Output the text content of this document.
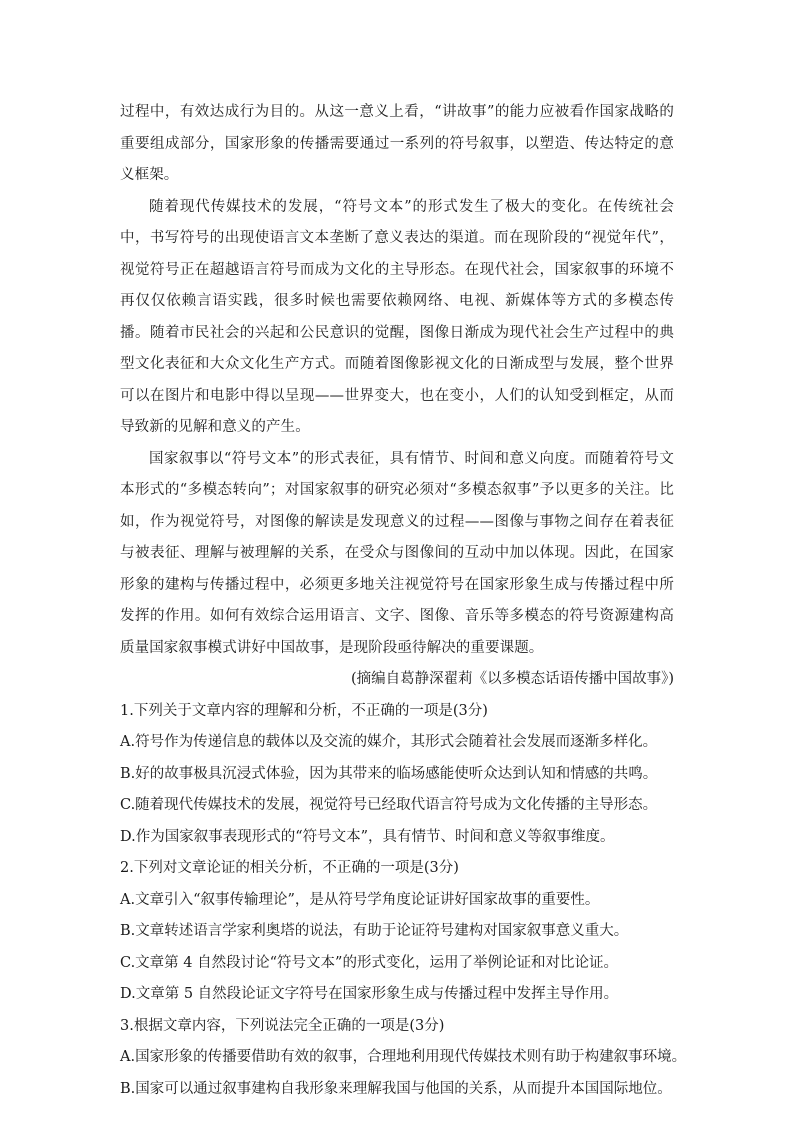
过程中，有效达成行为目的。从这一意义上看，“讲故事”的能力应被看作国家战略的重要组成部分，国家形象的传播需要通过一系列的符号叙事，以塑造、传达特定的意义框架。

随着现代传媒技术的发展，“符号文本”的形式发生了极大的变化。在传统社会中，书写符号的出现使语言文本垄断了意义表达的渠道。而在现阶段的“视觉年代”，视觉符号正在超越语言符号而成为文化的主导形态。在现代社会，国家叙事的环境不再仅仅依赖言语实践，很多时候也需要依赖网络、电视、新媒体等方式的多模态传播。随着市民社会的兴起和公民意识的觉醒，图像日渐成为现代社会生产过程中的典型文化表征和大众文化生产方式。而随着图像影视文化的日渐成型与发展，整个世界可以在图片和电影中得以呈现——世界变大，也在变小，人们的认知受到框定，从而导致新的见解和意义的产生。

国家叙事以“符号文本”的形式表征，具有情节、时间和意义向度。而随着符号文本形式的“多模态转向”；对国家叙事的研究必须对“多模态叙事”予以更多的关注。比如，作为视觉符号，对图像的解读是发现意义的过程——图像与事物之间存在着表征与被表征、理解与被理解的关系，在受众与图像间的互动中加以体现。因此，在国家形象的建构与传播过程中，必须更多地关注视觉符号在国家形象生成与传播过程中所发挥的作用。如何有效综合运用语言、文字、图像、音乐等多模态的符号资源建构高质量国家叙事模式讲好中国故事，是现阶段亟待解决的重要课题。

(摘编自葛静深翟莉《以多模态话语传播中国故事》)

1.下列关于文章内容的理解和分析，不正确的一项是(3分)

A.符号作为传递信息的载体以及交流的媒介，其形式会随着社会发展而逐渐多样化。

B.好的故事极具沉浸式体验，因为其带来的临场感能使听众达到认知和情感的共鸣。

C.随着现代传媒技术的发展，视觉符号已经取代语言符号成为文化传播的主导形态。

D.作为国家叙事表现形式的“符号文本”，具有情节、时间和意义等叙事维度。

2.下列对文章论证的相关分析，不正确的一项是(3分)

A.文章引入“叙事传输理论”，是从符号学角度论证讲好国家故事的重要性。

B.文章转述语言学家利奥塔的说法，有助于论证符号建构对国家叙事意义重大。

C.文章第 4 自然段讨论“符号文本”的形式变化，运用了举例论证和对比论证。

D.文章第 5 自然段论证文字符号在国家形象生成与传播过程中发挥主导作用。

3.根据文章内容，下列说法完全正确的一项是(3分)

A.国家形象的传播要借助有效的叙事，合理地利用现代传媒技术则有助于构建叙事环境。

B.国家可以通过叙事建构自我形象来理解我国与他国的关系，从而提升本国国际地位。
